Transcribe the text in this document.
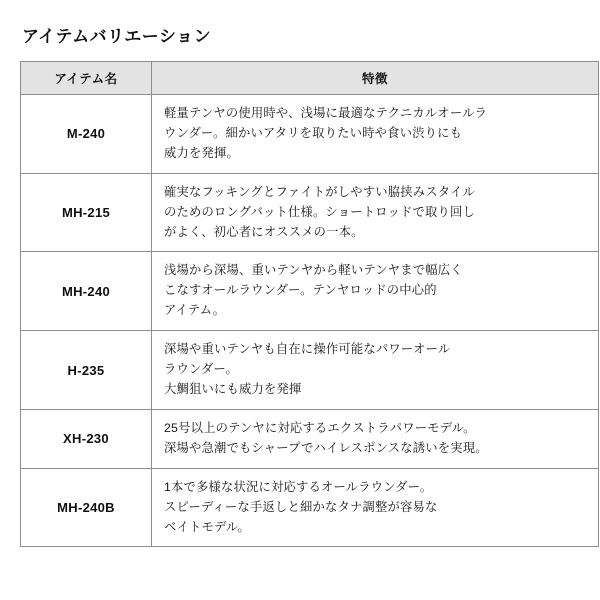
アイテムバリエーション
アイテム名	特徴
M-240	軽量テンヤの使用時や、浅場に最適なテクニカルオールラ
ウンダー。細かいアタリを取りたい時や食い渋りにも
威力を発揮。

MH-215	確実なフッキングとファイトがしやすい脇挟みスタイル
のためのロングバット仕様。ショートロッドで取り回し
がよく、初心者にオススメの一本。

MH-240	浅場から深場、重いテンヤから軽いテンヤまで幅広く
こなすオールラウンダー。テンヤロッドの中心的
アイテム。

H-235	深場や重いテンヤも自在に操作可能なパワーオール
ラウンダー。
大鯛狙いにも威力を発揮

XH-230	25号以上のテンヤに対応するエクストラパワーモデル。
深場や急潮でもシャープでハイレスポンスな誘いを実現。

MH-240B	1本で多様な状況に対応するオールラウンダー。
スピーディーな手返しと細かなタナ調整が容易な
ベイトモデル。
